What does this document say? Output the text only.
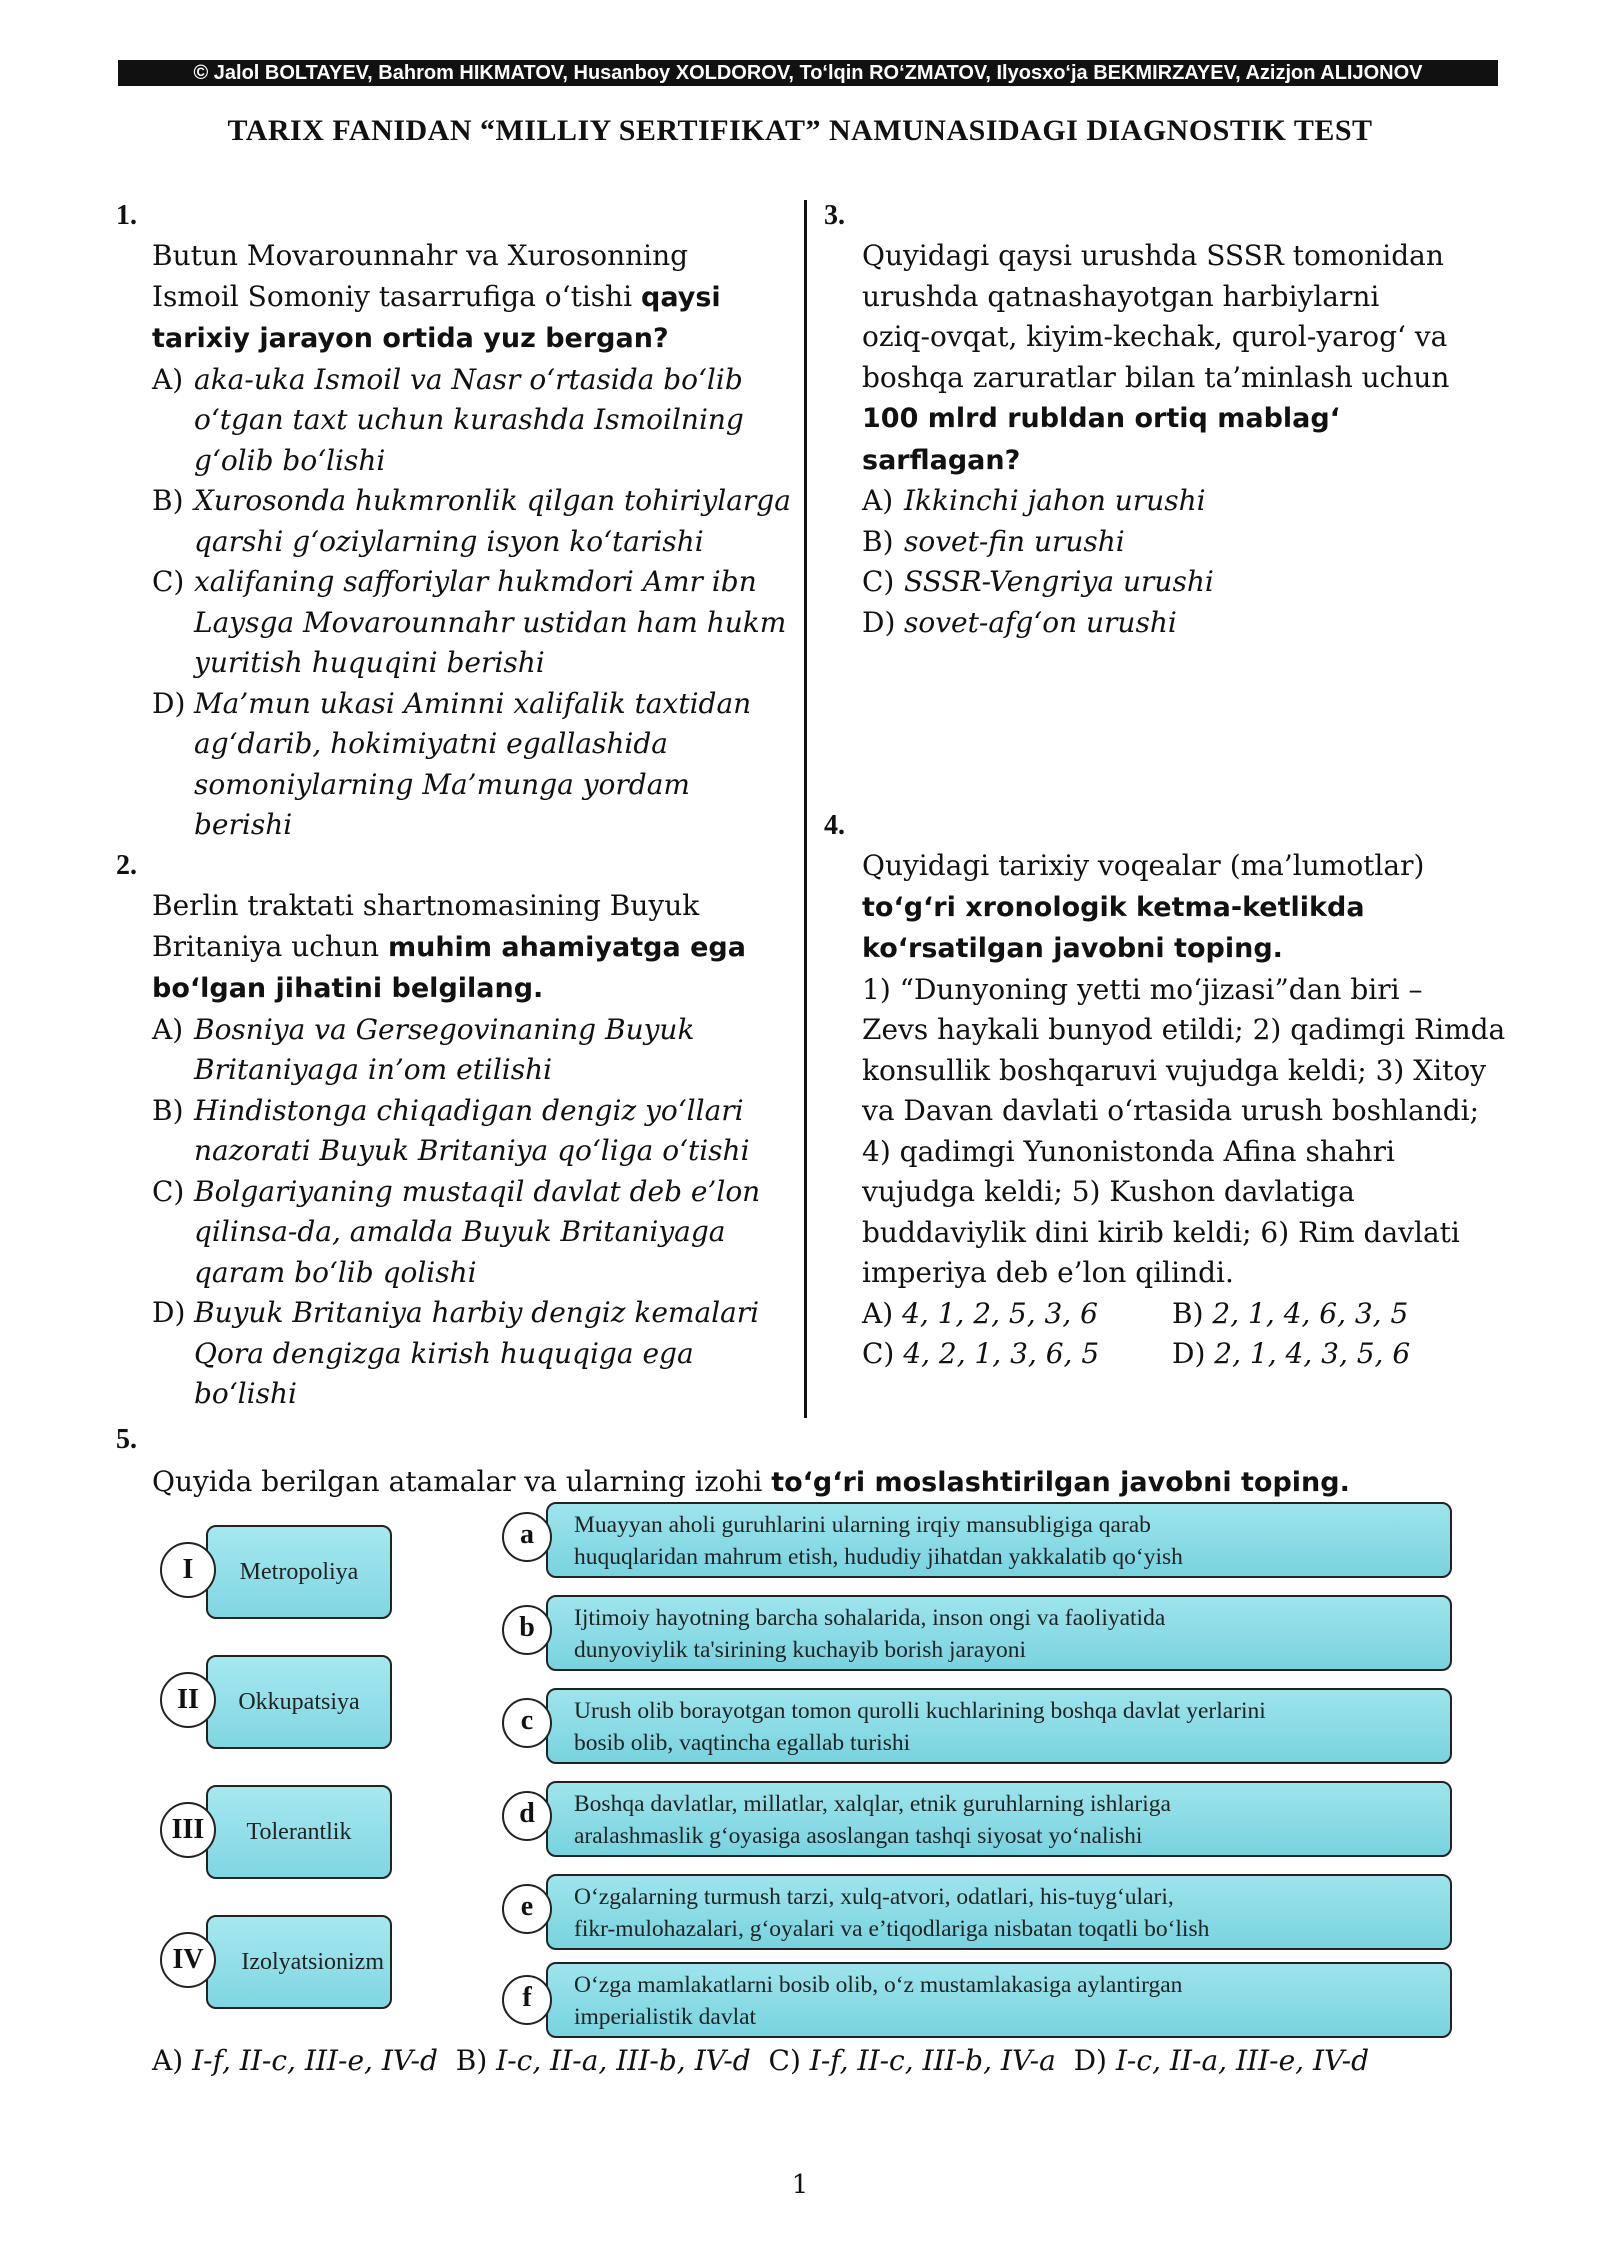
© Jalol BOLTAYEV, Bahrom HIKMATOV, Husanboy XOLDOROV, To‘lqin RO‘ZMATOV, Ilyosxo‘ja BEKMIRZAYEV, Azizjon ALIJONOV
TARIX FANIDAN “MILLIY SERTIFIKAT” NAMUNASIDAGI DIAGNOSTIK TEST
1.

Butun Movarounnahr va Xurosonning

Ismoil Somoniy tasarrufiga o‘tishi qaysi

tarixiy jarayon ortida yuz bergan?

A) aka-uka Ismoil va Nasr o‘rtasida bo‘lib
o‘tgan taxt uchun kurashda Ismoilning
g‘olib bo‘lishi
B) Xurosonda hukmronlik qilgan tohiriylarga
qarshi g‘oziylarning isyon ko‘tarishi
C) xalifaning safforiylar hukmdori Amr ibn
Laysga Movarounnahr ustidan ham hukm
yuritish huquqini berishi
D) Ma’mun ukasi Aminni xalifalik taxtidan
ag‘darib, hokimiyatni egallashida
somoniylarning Ma’munga yordam berishi
2.

Berlin traktati shartnomasining Buyuk

Britaniya uchun muhim ahamiyatga ega

bo‘lgan jihatini belgilang.

A) Bosniya va Gersegovinaning Buyuk
Britaniyaga in’om etilishi
B) Hindistonga chiqadigan dengiz yo‘llari
nazorati Buyuk Britaniya qo‘liga o‘tishi
C) Bolgariyaning mustaqil davlat deb e’lon
qilinsa-da, amalda Buyuk Britaniyaga
qaram bo‘lib qolishi
D) Buyuk Britaniya harbiy dengiz kemalari
Qora dengizga kirish huquqiga ega bo‘lishi
3.

Quyidagi qaysi urushda SSSR tomonidan

urushda qatnashayotgan harbiylarni

oziq-ovqat, kiyim-kechak, qurol-yarog‘ va

boshqa zaruratlar bilan ta’minlash uchun

100 mlrd rubldan ortiq mablag‘

sarflagan?

A) Ikkinchi jahon urushi
B) sovet-fin urushi
C) SSSR-Vengriya urushi
D) sovet-afg‘on urushi
4.

Quyidagi tarixiy voqealar (ma’lumotlar)

to‘g‘ri xronologik ketma-ketlikda

ko‘rsatilgan javobni toping.

1) “Dunyoning yetti mo‘jizasi”dan biri –

Zevs haykali bunyod etildi; 2) qadimgi Rimda

konsullik boshqaruvi vujudga keldi; 3) Xitoy

va Davan davlati o‘rtasida urush boshlandi;

4) qadimgi Yunonistonda Afina shahri

vujudga keldi; 5) Kushon davlatiga

buddaviylik dini kirib keldi; 6) Rim davlati

imperiya deb e’lon qilindi.

A) 4, 1, 2, 5, 3, 6	B) 2, 1, 4, 6, 3, 5
C) 4, 2, 1, 3, 6, 5	D) 2, 1, 4, 3, 5, 6
5.
Quyida berilgan atamalar va ularning izohi to‘g‘ri moslashtirilgan javobni toping.
Metropoliya
I
Okkupatsiya
II
Tolerantlik
III
Izolyatsionizm
IV
Muayyan aholi guruhlarini ularning irqiy mansubligiga qarab
huquqlaridan mahrum etish, hududiy jihatdan yakkalatib qo‘yish
a
Ijtimoiy hayotning barcha sohalarida, inson ongi va faoliyatida
dunyoviylik ta'sirining kuchayib borish jarayoni
b
Urush olib borayotgan tomon qurolli kuchlarining boshqa davlat yerlarini
bosib olib, vaqtincha egallab turishi
c
Boshqa davlatlar, millatlar, xalqlar, etnik guruhlarning ishlariga
aralashmaslik g‘oyasiga asoslangan tashqi siyosat yo‘nalishi
d
O‘zgalarning turmush tarzi, xulq-atvori, odatlari, his-tuyg‘ulari,
fikr-mulohazalari, g‘oyalari va e’tiqodlariga nisbatan toqatli bo‘lish
e
O‘zga mamlakatlarni bosib olib, o‘z mustamlakasiga aylantirgan
imperialistik davlat
f
A) I-f, II-c, III-e, IV-d B) I-c, II-a, III-b, IV-d C) I-f, II-c, III-b, IV-a D) I-c, II-a, III-e, IV-d
1
